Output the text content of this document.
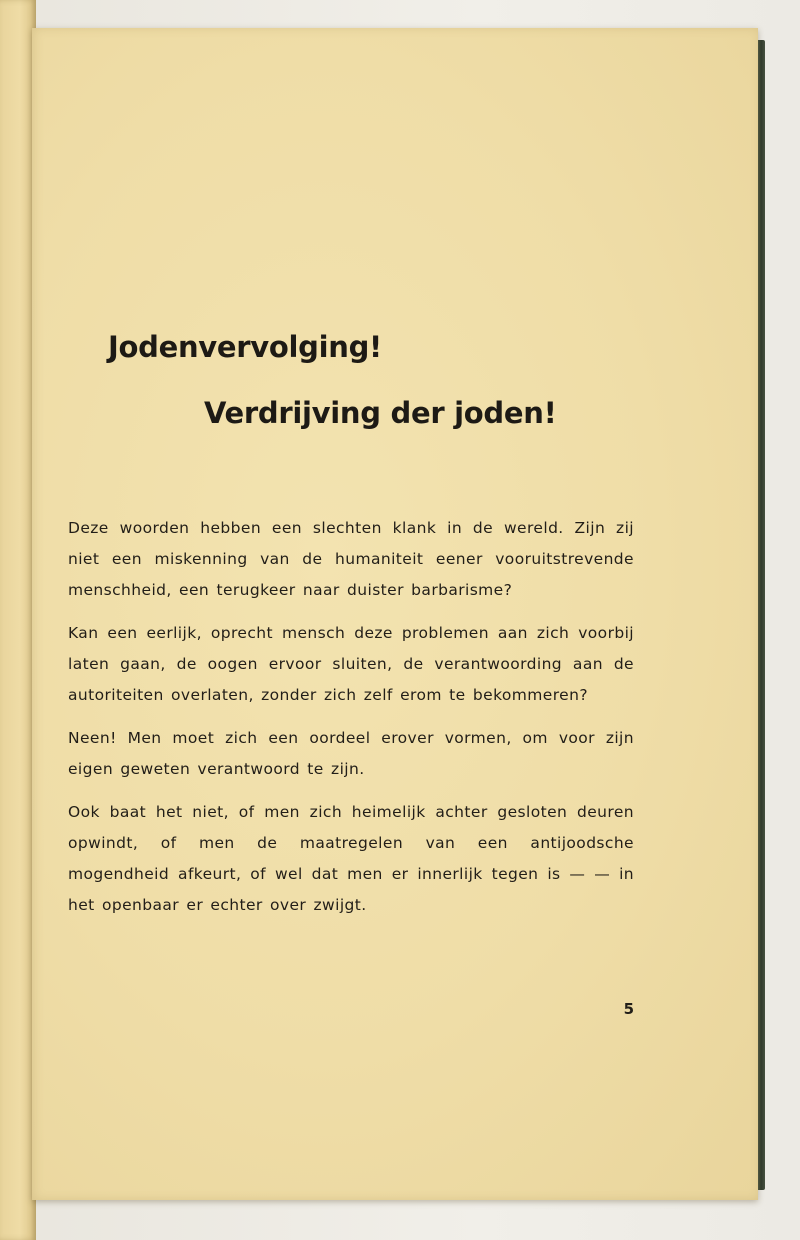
Jodenvervolging!
Verdrijving der joden!

Deze woorden hebben een slechten klank in de wereld. Zijn zij niet een miskenning van de humaniteit eener vooruitstrevende menschheid, een terugkeer naar duister barbarisme?

Kan een eerlijk, oprecht mensch deze problemen aan zich voorbij laten gaan, de oogen ervoor sluiten, de verantwoording aan de autoriteiten overlaten, zonder zich zelf erom te bekommeren?

Neen! Men moet zich een oordeel erover vormen, om voor zijn eigen geweten verantwoord te zijn.

Ook baat het niet, of men zich heimelijk achter gesloten deuren opwindt, of men de maatregelen van een antijoodsche mogendheid afkeurt, of wel dat men er innerlijk tegen is — — in het openbaar er echter over zwijgt.

5
